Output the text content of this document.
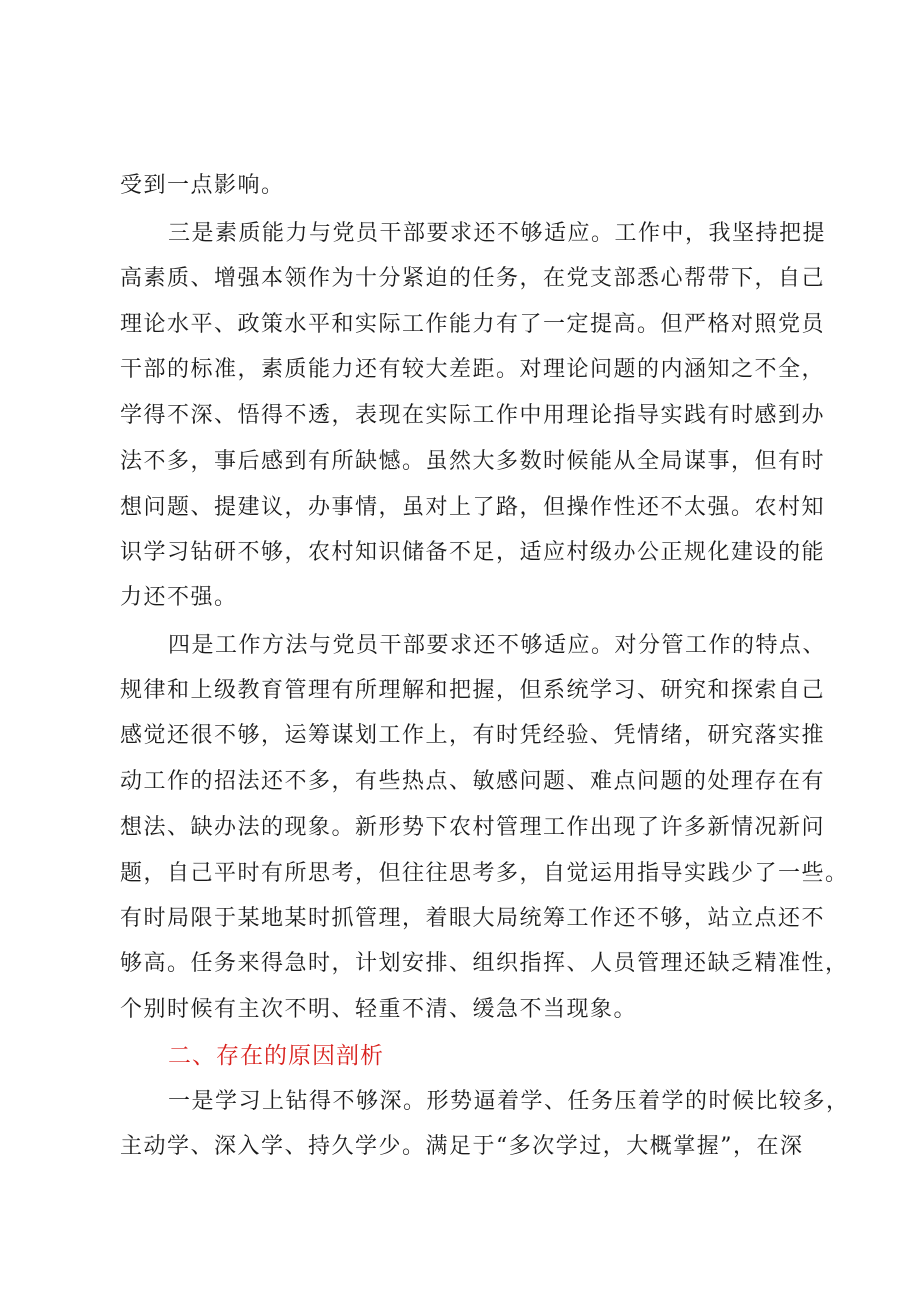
受到一点影响。
三是素质能力与党员干部要求还不够适应。工作中，我坚持把提
高素质、增强本领作为十分紧迫的任务，在党支部悉心帮带下，自己
理论水平、政策水平和实际工作能力有了一定提高。但严格对照党员
干部的标准，素质能力还有较大差距。对理论问题的内涵知之不全，
学得不深、悟得不透，表现在实际工作中用理论指导实践有时感到办
法不多，事后感到有所缺憾。虽然大多数时候能从全局谋事，但有时
想问题、提建议，办事情，虽对上了路，但操作性还不太强。农村知
识学习钻研不够，农村知识储备不足，适应村级办公正规化建设的能
力还不强。
四是工作方法与党员干部要求还不够适应。对分管工作的特点、
规律和上级教育管理有所理解和把握，但系统学习、研究和探索自己
感觉还很不够，运筹谋划工作上，有时凭经验、凭情绪，研究落实推
动工作的招法还不多，有些热点、敏感问题、难点问题的处理存在有
想法、缺办法的现象。新形势下农村管理工作出现了许多新情况新问
题，自己平时有所思考，但往往思考多，自觉运用指导实践少了一些。
有时局限于某地某时抓管理，着眼大局统筹工作还不够，站立点还不
够高。任务来得急时，计划安排、组织指挥、人员管理还缺乏精准性，
个别时候有主次不明、轻重不清、缓急不当现象。
二、存在的原因剖析
一是学习上钻得不够深。形势逼着学、任务压着学的时候比较多，
主动学、深入学、持久学少。满足于“多次学过，大概掌握”，在深
